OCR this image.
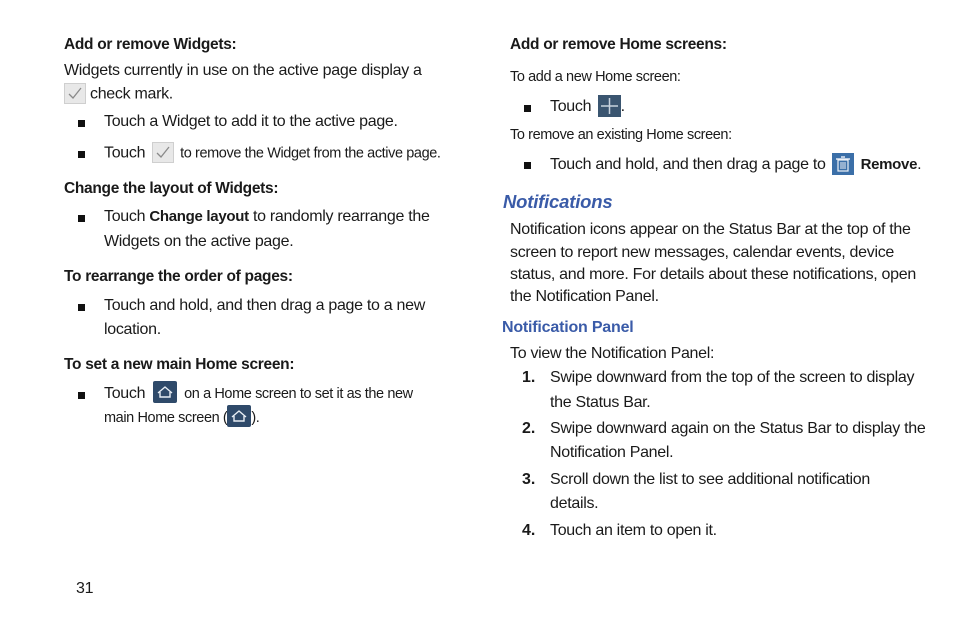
Add or remove Widgets:
Widgets currently in use on the active page display a
check mark.
Touch a Widget to add it to the active page.
Touch to remove the Widget from the active page.
Change the layout of Widgets:
Touch Change layout to randomly rearrange the
Widgets on the active page.
To rearrange the order of pages:
Touch and hold, and then drag a page to a new
location.
To set a new main Home screen:
Touch	on a Home screen to set it as the new
main Home screen ( ).
Add or remove Home screens:
To add a new Home screen:
Touch .
To remove an existing Home screen:
Touch and hold, and then drag a page to Remove.
Notifications
Notification icons appear on the Status Bar at the top of the
screen to report new messages, calendar events, device
status, and more. For details about these notifications, open
the Notification Panel.
Notification Panel
To view the Notification Panel:
1. Swipe downward from the top of the screen to display
the Status Bar.
2. Swipe downward again on the Status Bar to display the
Notification Panel.
3. Scroll down the list to see additional notification
details.
4. Touch an item to open it.
31
